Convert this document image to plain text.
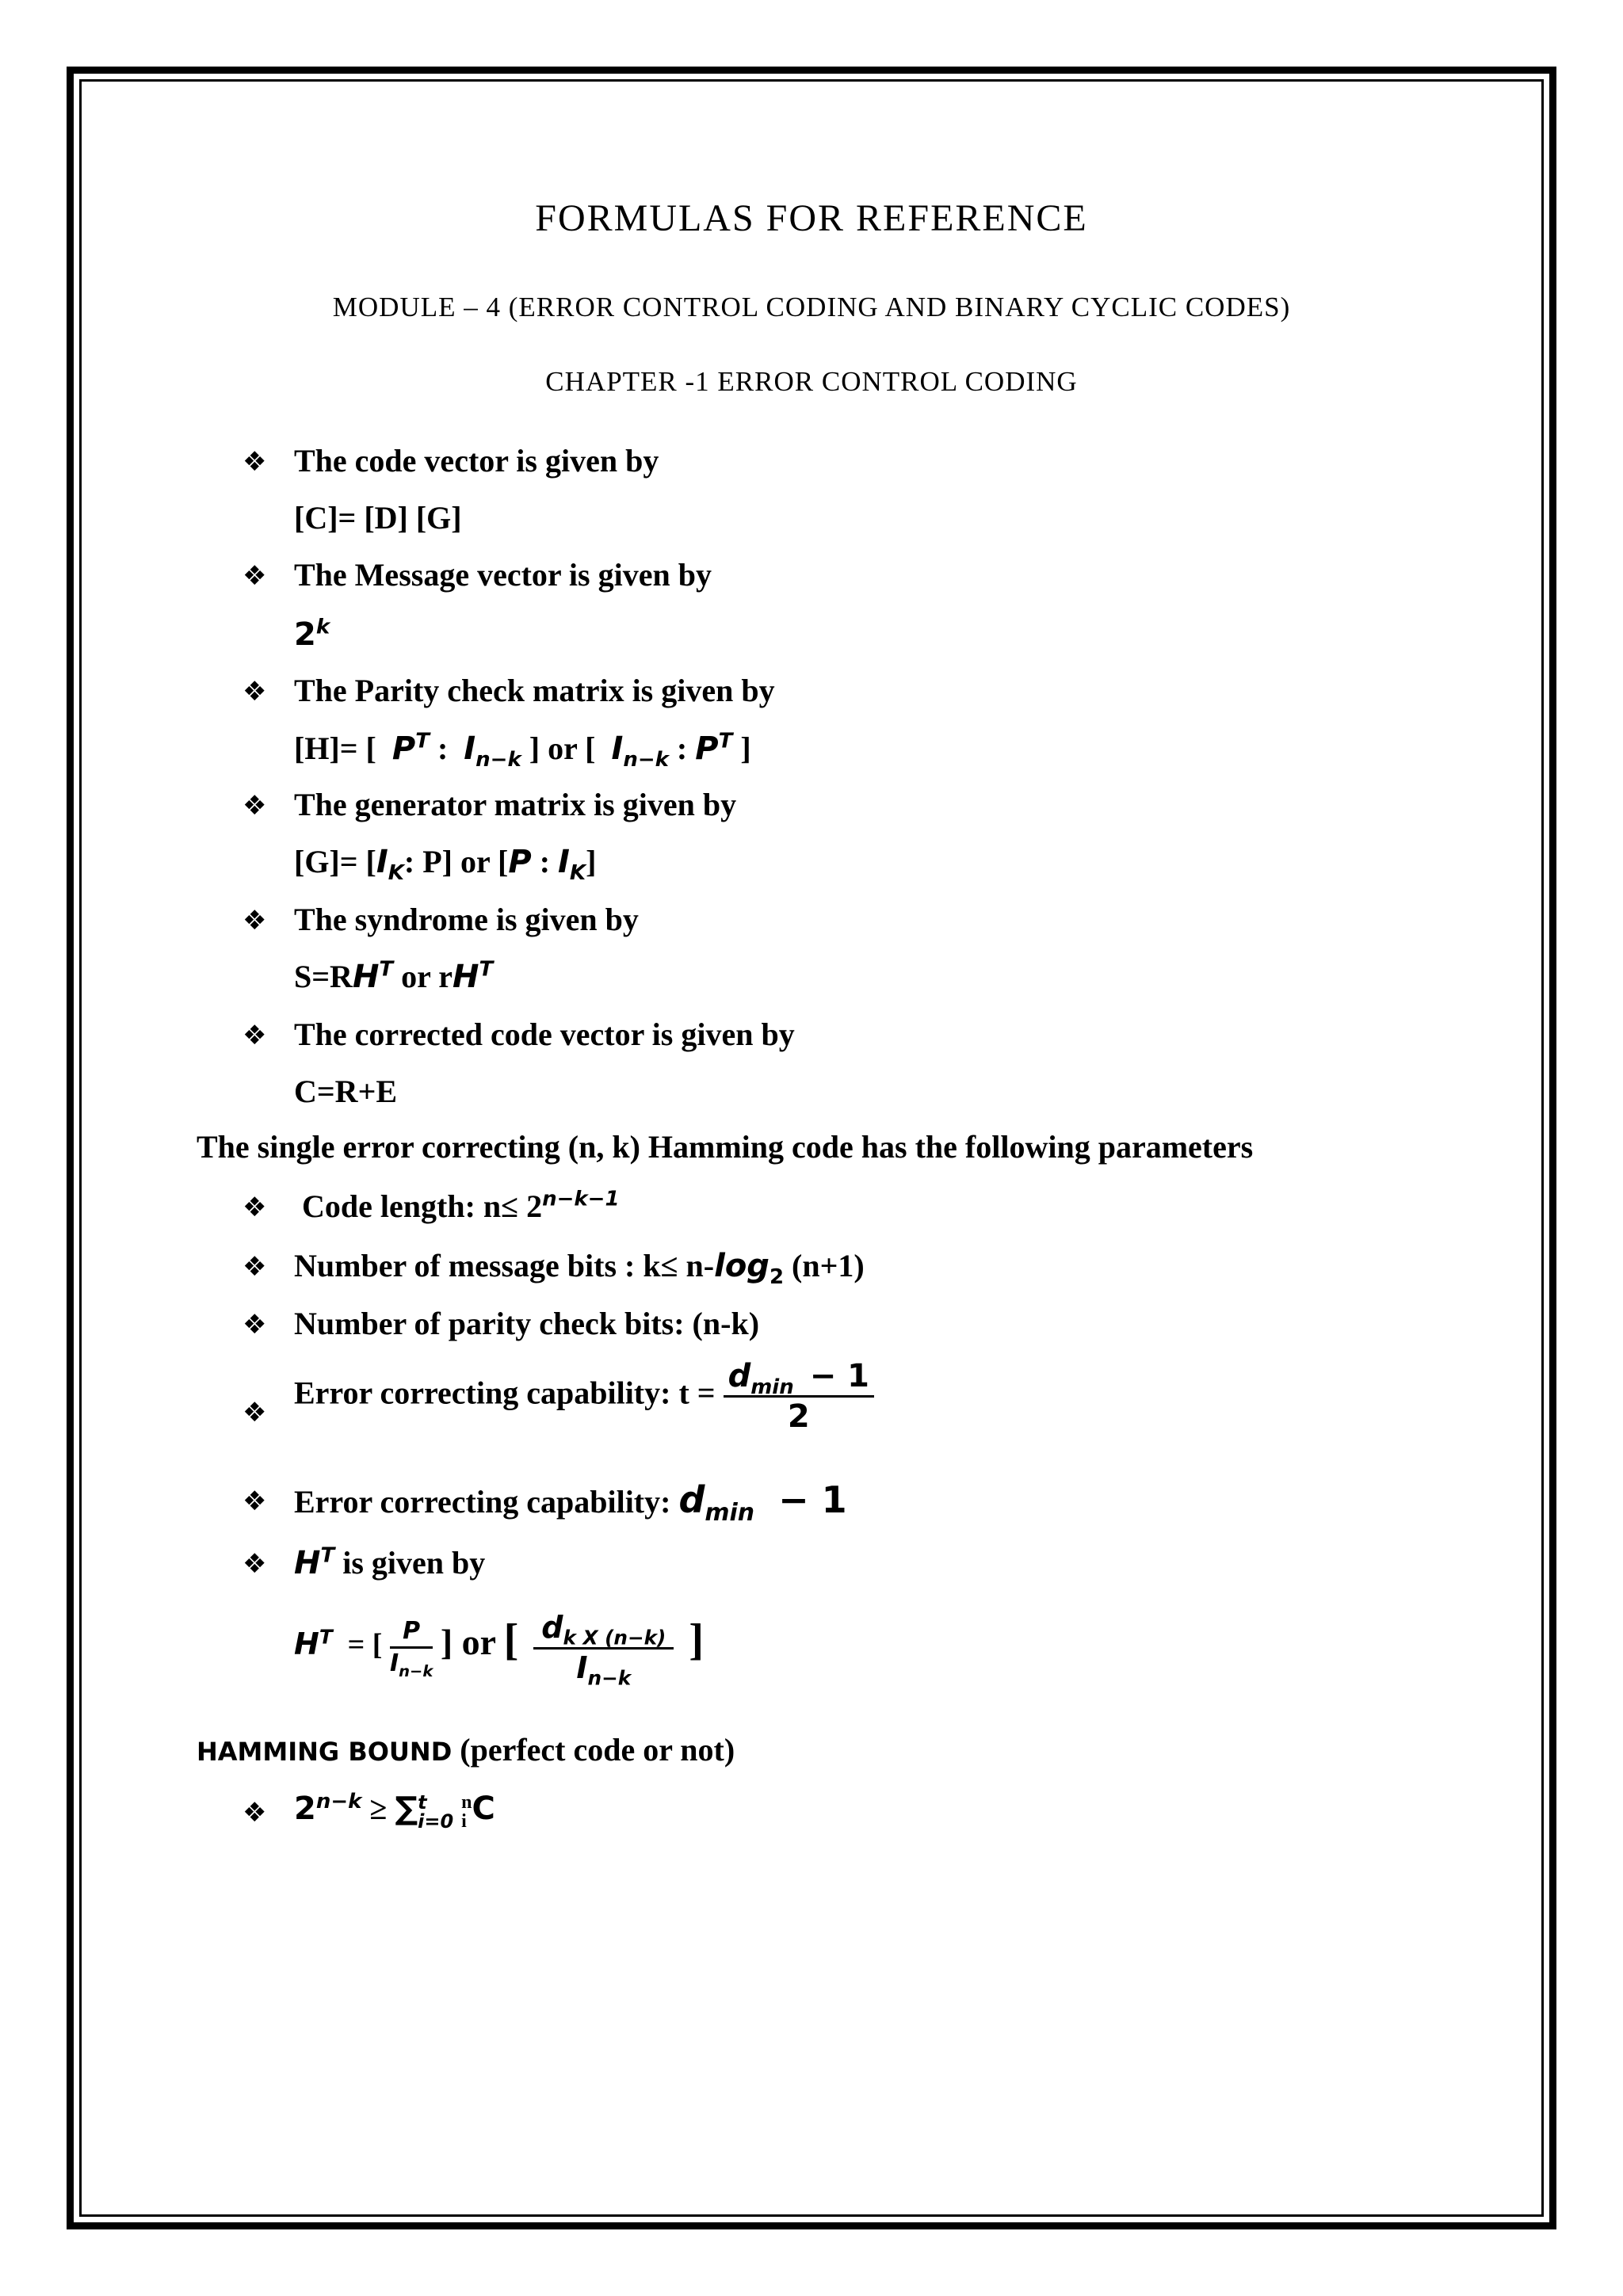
FORMULAS FOR REFERENCE
MODULE – 4 (ERROR CONTROL CODING AND BINARY CYCLIC CODES)
CHAPTER -1 ERROR CONTROL CODING
❖
The code vector is given by
[C]= [D] [G]
❖
The Message vector is given by
2$^k$
❖
The Parity check matrix is given by
[H]= [  $P^T$ :  $I_{n-k}$ ] or [  $I_{n-k}$ : $P^T$ ]
❖
The generator matrix is given by
$[G]= [I_K$: P] or [P : $I_K$]
❖
The syndrome is given by
$S=RH^T$ or $rH^T$
❖
The corrected code vector is given by
C=R+E
The single error correcting (n, k) Hamming code has the following parameters
❖
Code length: $n\le 2^{n-k-1}$
❖
Number of message bits : $k\le n-\log_2$ (n+1)
❖
Number of parity check bits: (n-k)
❖
Error correcting capability: $t = \frac{d_{min} - 1}{2}$
❖
Error correcting capability: $d_{min} - 1$
❖
$H^T$ is given by
$H^T$  = [ $\frac{P}{I_{n-k}}$ ] or [ $\frac{d_{k X (n-k)}}{I_{n-k}}$ ]
HAMMING BOUND (perfect code or not)
❖
$2^{n-k}$ ≥ ∑ t
i=0

n
i C
